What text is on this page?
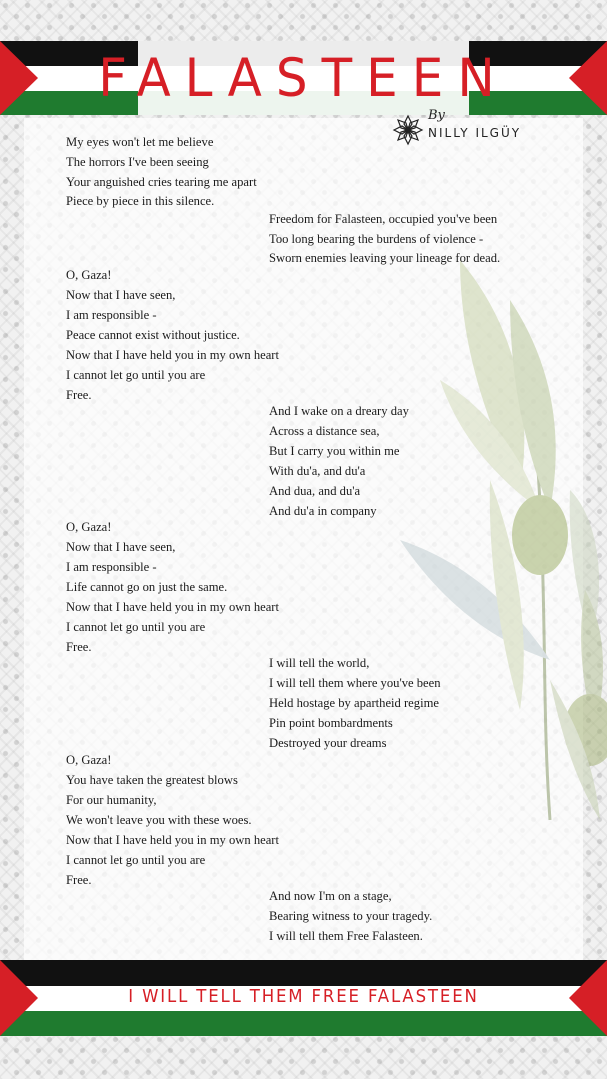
FALASTEEN
By
NILLY ILGÜY
My eyes won't let me believe
The horrors I've been seeing
Your anguished cries tearing me apart
Piece by piece in this silence.
Freedom for Falasteen, occupied you've been
Too long bearing the burdens of violence -
Sworn enemies leaving your lineage for dead.
O, Gaza!
Now that I have seen,
I am responsible -
Peace cannot exist without justice.
Now that I have held you in my own heart
I cannot let go until you are
Free.
And I wake on a dreary day
Across a distance sea,
But I carry you within me
With du'a, and du'a
And dua, and du'a
And du'a in company
O, Gaza!
Now that I have seen,
I am responsible -
Life cannot go on just the same.
Now that I have held you in my own heart
I cannot let go until you are
Free.
I will tell the world,
I will tell them where you've been
Held hostage by apartheid regime
Pin point bombardments
Destroyed your dreams
O, Gaza!
You have taken the greatest blows
For our humanity,
We won't leave you with these woes.
Now that I have held you in my own heart
I cannot let go until you are
Free.
And now I'm on a stage,
Bearing witness to your tragedy.
I will tell them Free Falasteen.
I WILL TELL THEM FREE FALASTEEN
